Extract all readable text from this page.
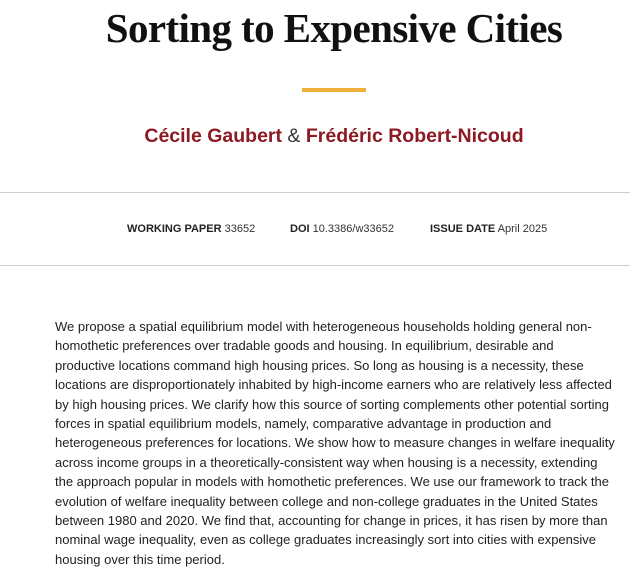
Sorting to Expensive Cities
Cécile Gaubert & Frédéric Robert-Nicoud
WORKING PAPER 33652	DOI 10.3386/w33652	ISSUE DATE April 2025

We propose a spatial equilibrium model with heterogeneous households holding general non-homothetic preferences over tradable goods and housing. In equilibrium, desirable and productive locations command high housing prices. So long as housing is a necessity, these locations are disproportionately inhabited by high-income earners who are relatively less affected by high housing prices. We clarify how this source of sorting complements other potential sorting forces in spatial equilibrium models, namely, comparative advantage in production and heterogeneous preferences for locations. We show how to measure changes in welfare inequality across income groups in a theoretically-consistent way when housing is a necessity, extending the approach popular in models with homothetic preferences. We use our framework to track the evolution of welfare inequality between college and non-college graduates in the United States between 1980 and 2020. We find that, accounting for change in prices, it has risen by more than nominal wage inequality, even as college graduates increasingly sort into cities with expensive housing over this time period.
